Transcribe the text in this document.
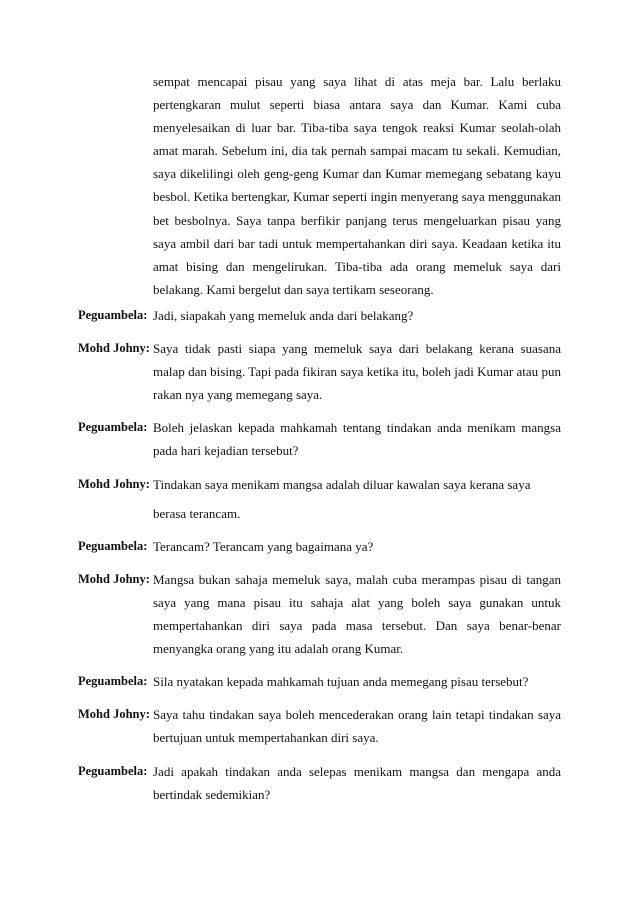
sempat mencapai pisau yang saya lihat di atas meja bar. Lalu berlaku pertengkaran mulut seperti biasa antara saya dan Kumar. Kami cuba menyelesaikan di luar bar. Tiba-tiba saya tengok reaksi Kumar seolah-olah amat marah. Sebelum ini, dia tak pernah sampai macam tu sekali. Kemudian, saya dikelilingi oleh geng-geng Kumar dan Kumar memegang sebatang kayu besbol. Ketika bertengkar, Kumar seperti ingin menyerang saya menggunakan bet besbolnya. Saya tanpa berfikir panjang terus mengeluarkan pisau yang saya ambil dari bar tadi untuk mempertahankan diri saya. Keadaan ketika itu amat bising dan mengelirukan. Tiba-tiba ada orang memeluk saya dari belakang. Kami bergelut dan saya tertikam seseorang.
Peguambela: Jadi, siapakah yang memeluk anda dari belakang?
Mohd Johny: Saya tidak pasti siapa yang memeluk saya dari belakang kerana suasana malap dan bising. Tapi pada fikiran saya ketika itu, boleh jadi Kumar atau pun rakan nya yang memegang saya.
Peguambela: Boleh jelaskan kepada mahkamah tentang tindakan anda menikam mangsa pada hari kejadian tersebut?
Mohd Johny: Tindakan saya menikam mangsa adalah diluar kawalan saya kerana saya
berasa terancam.
Peguambela: Terancam? Terancam yang bagaimana ya?
Mohd Johny: Mangsa bukan sahaja memeluk saya, malah cuba merampas pisau di tangan saya yang mana pisau itu sahaja alat yang boleh saya gunakan untuk mempertahankan diri saya pada masa tersebut. Dan saya benar-benar menyangka orang yang itu adalah orang Kumar.
Peguambela: Sila nyatakan kepada mahkamah tujuan anda memegang pisau tersebut?
Mohd Johny: Saya tahu tindakan saya boleh mencederakan orang lain tetapi tindakan saya bertujuan untuk mempertahankan diri saya.
Peguambela: Jadi apakah tindakan anda selepas menikam mangsa dan mengapa anda bertindak sedemikian?
